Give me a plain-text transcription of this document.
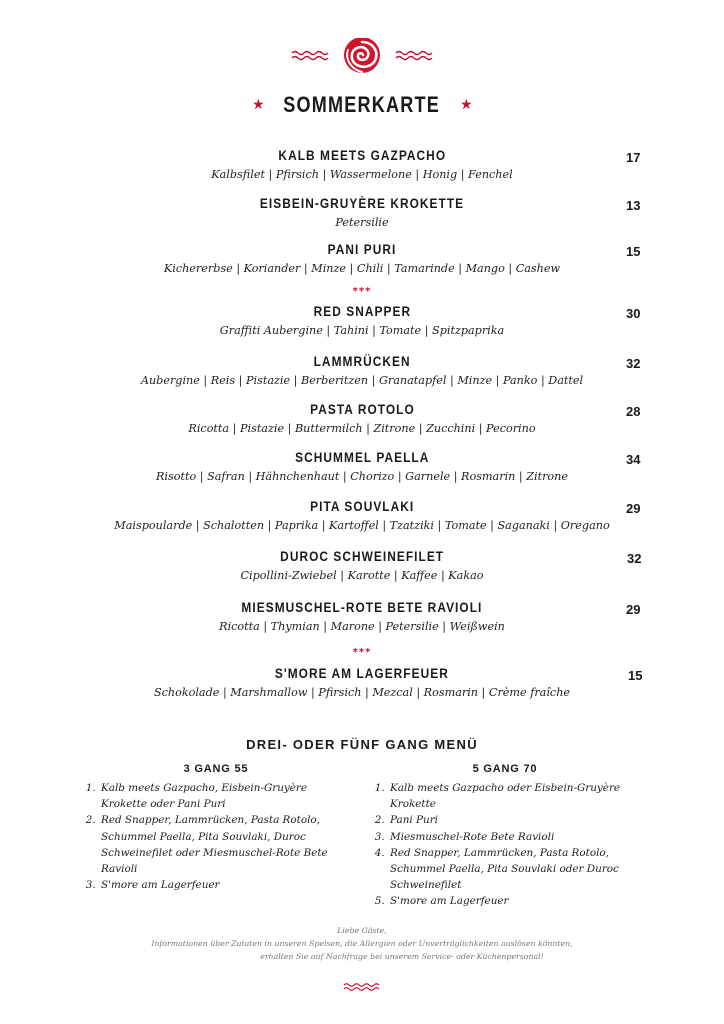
★ SOMMERKARTE	★
KALB MEETS GAZPACHO
Kalbsfilet | Pfirsich | Wassermelone | Honig | Fenchel
17
EISBEIN-GRUYÈRE KROKETTE
Petersilie
13
PANI PURI
Kichererbse | Koriander | Minze | Chili | Tamarinde | Mango | Cashew
15
***
RED SNAPPER
Graffiti Aubergine | Tahini | Tomate | Spitzpaprika
30
LAMMRÜCKEN
Aubergine | Reis | Pistazie | Berberitzen | Granatapfel | Minze | Panko | Dattel
32
PASTA ROTOLO
Ricotta | Pistazie | Buttermilch | Zitrone | Zucchini | Pecorino
28
SCHUMMEL PAELLA
Risotto | Safran | Hähnchenhaut | Chorizo | Garnele | Rosmarin | Zitrone
34
PITA SOUVLAKI
Maispoularde | Schalotten | Paprika | Kartoffel | Tzatziki | Tomate | Saganaki | Oregano
29
DUROC SCHWEINEFILET
Cipollini-Zwiebel | Karotte | Kaffee | Kakao
32
MIESMUSCHEL-ROTE BETE RAVIOLI
Ricotta | Thymian | Marone | Petersilie | Weißwein
29
***
S'MORE AM LAGERFEUER
Schokolade | Marshmallow | Pfirsich | Mezcal | Rosmarin | Crème fraîche
15
DREI- ODER FÜNF GANG MENÜ
3 GANG 55
1. Kalb meets Gazpacho, Eisbein-Gruyère Krokette oder Pani Puri
2. Red Snapper, Lammrücken, Pasta Rotolo, Schummel Paella, Pita Souvlaki, Duroc Schweinefilet oder Miesmuschel-Rote Bete Ravioli
3. S'more am Lagerfeuer
5 GANG 70
1. Kalb meets Gazpacho oder Eisbein-Gruyère Krokette
2. Pani Puri
3. Miesmuschel-Rote Bete Ravioli
4. Red Snapper, Lammrücken, Pasta Rotolo, Schummel Paella, Pita Souvlaki oder Duroc Schweinefilet
5. S'more am Lagerfeuer
Liebe Gäste,
Informationen über Zutaten in unseren Speisen, die Allergien oder Unverträglichkeiten auslösen könnten,
erhalten Sie auf Nachfrage bei unserem Service- oder Küchenpersonal!
